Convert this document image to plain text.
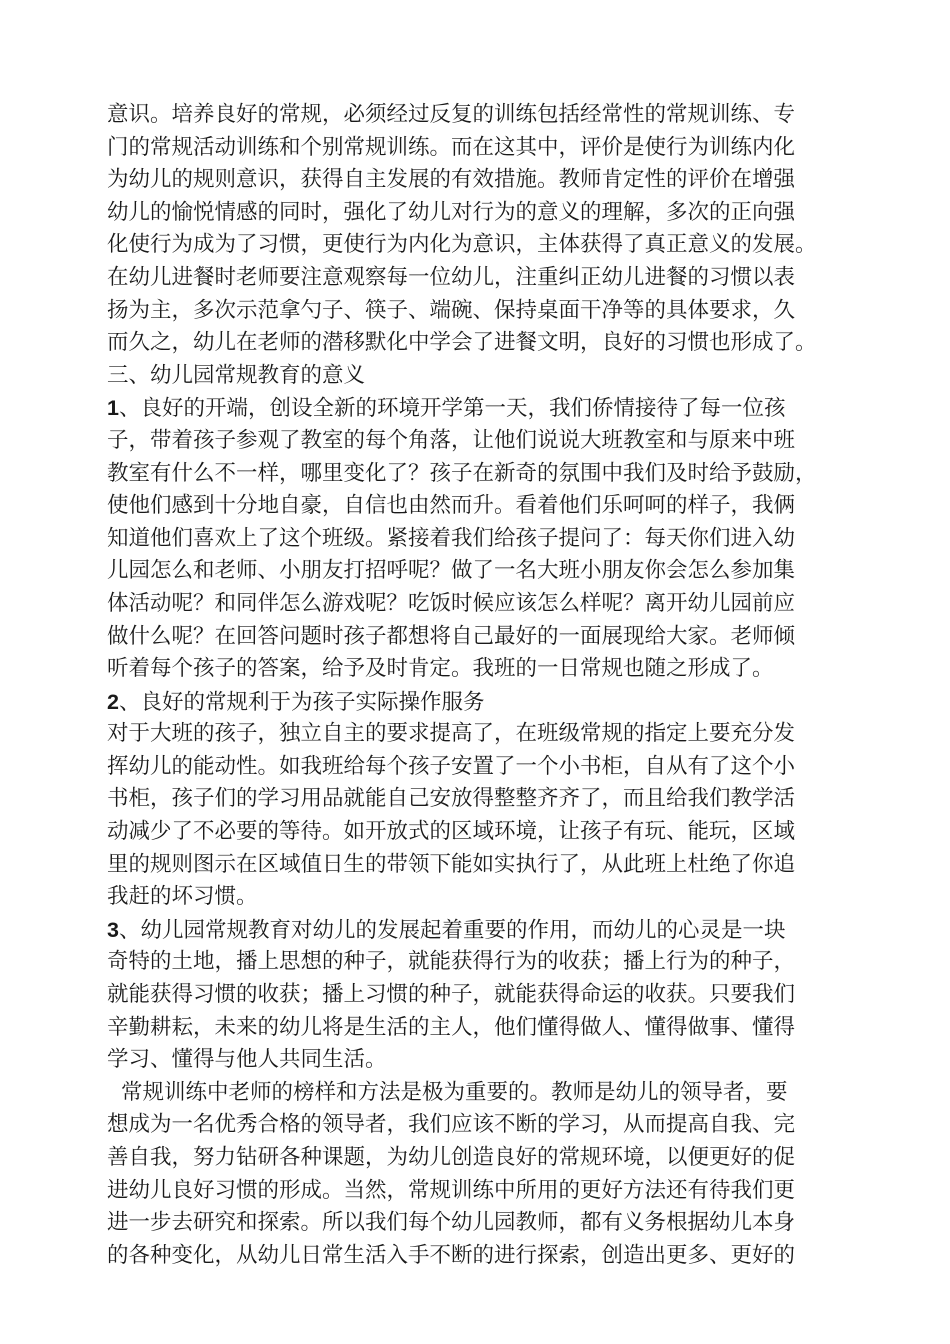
意识。培养良好的常规，必须经过反复的训练包括经常性的常规训练、专
门的常规活动训练和个别常规训练。而在这其中，评价是使行为训练内化
为幼儿的规则意识，获得自主发展的有效措施。教师肯定性的评价在增强
幼儿的愉悦情感的同时，强化了幼儿对行为的意义的理解，多次的正向强
化使行为成为了习惯，更使行为内化为意识，主体获得了真正意义的发展。
在幼儿进餐时老师要注意观察每一位幼儿，注重纠正幼儿进餐的习惯以表
扬为主，多次示范拿勺子、筷子、端碗、保持桌面干净等的具体要求，久
而久之，幼儿在老师的潜移默化中学会了进餐文明，良好的习惯也形成了。
三、幼儿园常规教育的意义
1、良好的开端，创设全新的环境开学第一天，我们侨情接待了每一位孩
子，带着孩子参观了教室的每个角落，让他们说说大班教室和与原来中班
教室有什么不一样，哪里变化了？孩子在新奇的氛围中我们及时给予鼓励，
使他们感到十分地自豪，自信也由然而升。看着他们乐呵呵的样子，我俩
知道他们喜欢上了这个班级。紧接着我们给孩子提问了：每天你们进入幼
儿园怎么和老师、小朋友打招呼呢？做了一名大班小朋友你会怎么参加集
体活动呢？和同伴怎么游戏呢？吃饭时候应该怎么样呢？离开幼儿园前应
做什么呢？在回答问题时孩子都想将自己最好的一面展现给大家。老师倾
听着每个孩子的答案，给予及时肯定。我班的一日常规也随之形成了。
2、良好的常规利于为孩子实际操作服务
对于大班的孩子，独立自主的要求提高了，在班级常规的指定上要充分发
挥幼儿的能动性。如我班给每个孩子安置了一个小书柜，自从有了这个小
书柜，孩子们的学习用品就能自己安放得整整齐齐了，而且给我们教学活
动减少了不必要的等待。如开放式的区域环境，让孩子有玩、能玩，区域
里的规则图示在区域值日生的带领下能如实执行了，从此班上杜绝了你追
我赶的坏习惯。
3、幼儿园常规教育对幼儿的发展起着重要的作用，而幼儿的心灵是一块
奇特的土地，播上思想的种子，就能获得行为的收获；播上行为的种子，
就能获得习惯的收获；播上习惯的种子，就能获得命运的收获。只要我们
辛勤耕耘，未来的幼儿将是生活的主人，他们懂得做人、懂得做事、懂得
学习、懂得与他人共同生活。
常规训练中老师的榜样和方法是极为重要的。教师是幼儿的领导者，要
想成为一名优秀合格的领导者，我们应该不断的学习，从而提高自我、完
善自我，努力钻研各种课题，为幼儿创造良好的常规环境，以便更好的促
进幼儿良好习惯的形成。当然，常规训练中所用的更好方法还有待我们更
进一步去研究和探索。所以我们每个幼儿园教师，都有义务根据幼儿本身
的各种变化，从幼儿日常生活入手不断的进行探索，创造出更多、更好的
